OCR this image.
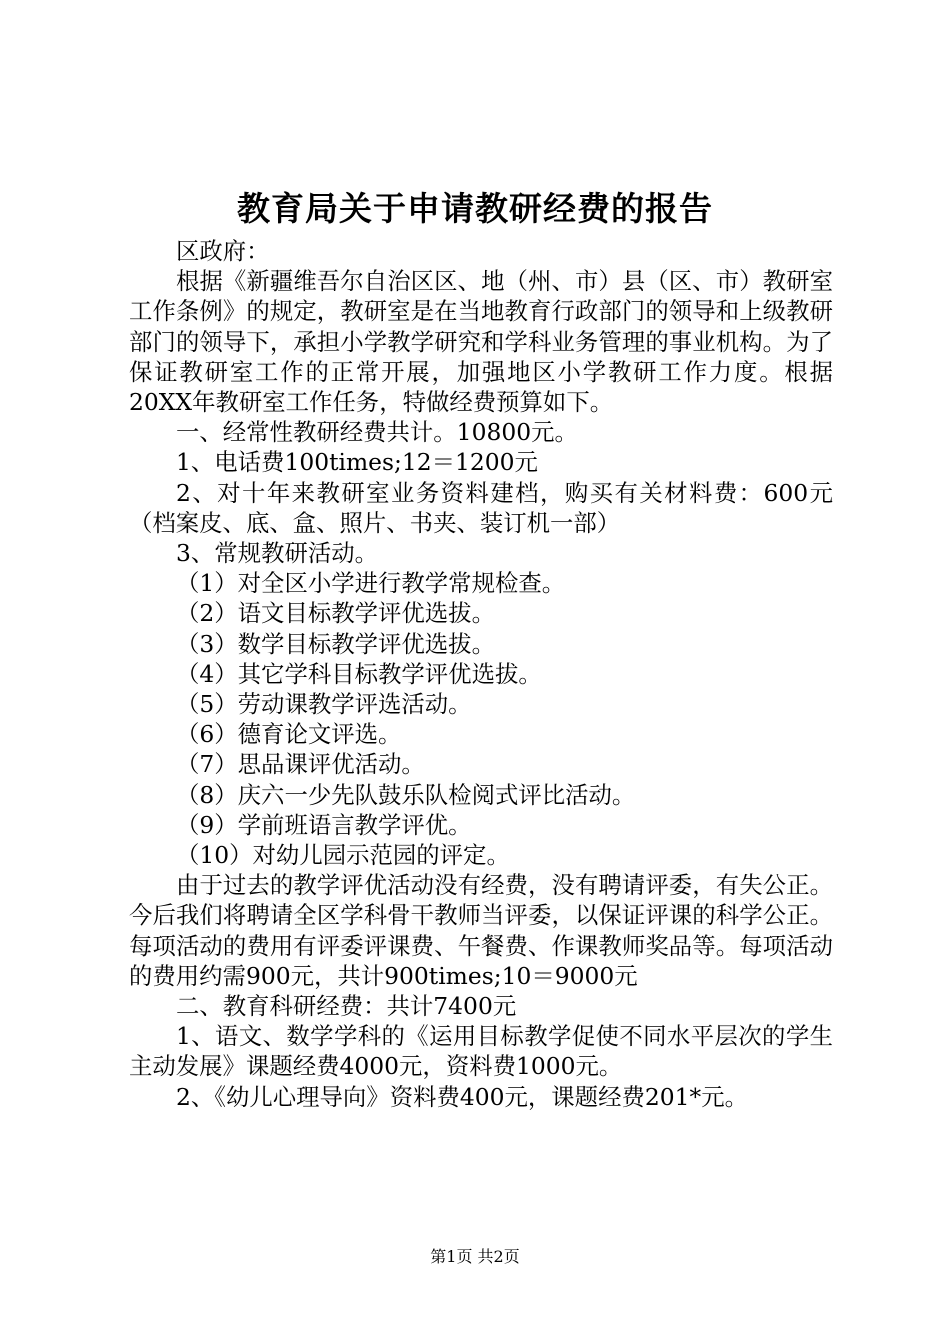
教育局关于申请教研经费的报告

区政府：

根据《新疆维吾尔自治区区、地（州、市）县（区、市）教研室工作条例》的规定，教研室是在当地教育行政部门的领导和上级教研部门的领导下，承担小学教学研究和学科业务管理的事业机构。为了保证教研室工作的正常开展，加强地区小学教研工作力度。根据20XX年教研室工作任务，特做经费预算如下。

一、经常性教研经费共计。10800元。

1、电话费100times;12＝1200元

2、对十年来教研室业务资料建档，购买有关材料费：600元（档案皮、底、盒、照片、书夹、装订机一部）

3、常规教研活动。

（1）对全区小学进行教学常规检查。

（2）语文目标教学评优选拔。

（3）数学目标教学评优选拔。

（4）其它学科目标教学评优选拔。

（5）劳动课教学评选活动。

（6）德育论文评选。

（7）思品课评优活动。

（8）庆六一少先队鼓乐队检阅式评比活动。

（9）学前班语言教学评优。

（10）对幼儿园示范园的评定。

由于过去的教学评优活动没有经费，没有聘请评委，有失公正。今后我们将聘请全区学科骨干教师当评委，以保证评课的科学公正。每项活动的费用有评委评课费、午餐费、作课教师奖品等。每项活动的费用约需900元，共计900times;10＝9000元

二、教育科研经费：共计7400元

1、语文、数学学科的《运用目标教学促使不同水平层次的学生主动发展》课题经费4000元，资料费1000元。

2、《幼儿心理导向》资料费400元，课题经费201*元。

第1页 共2页
